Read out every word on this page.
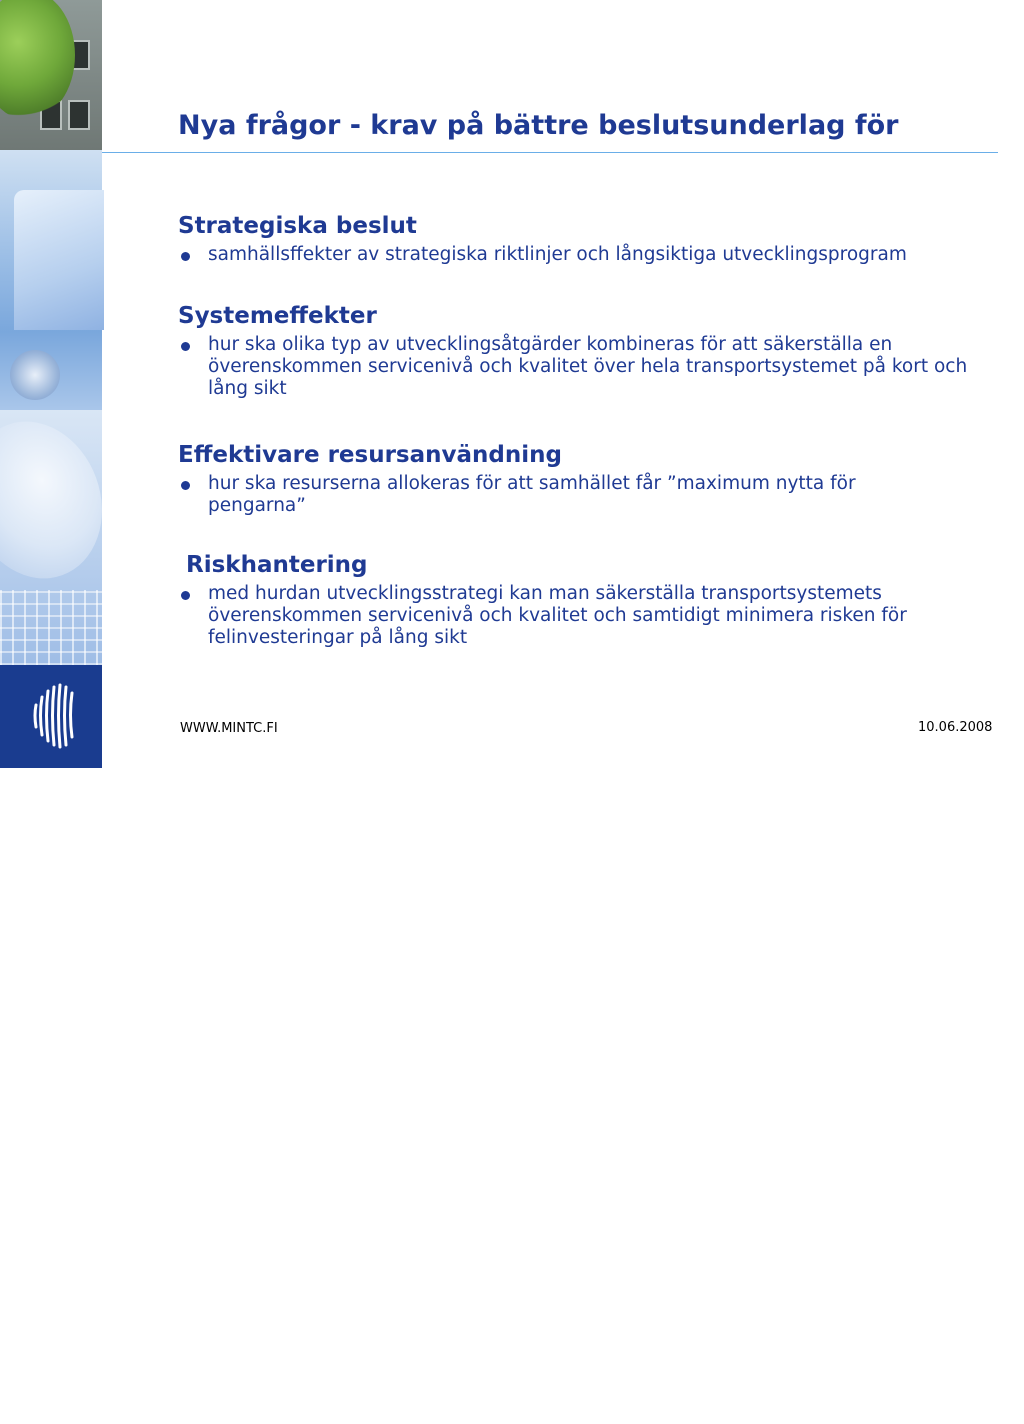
6
Nya frågor - krav på bättre beslutsunderlag för

Strategiska beslut

samhällsffekter av strategiska riktlinjer och långsiktiga utvecklingsprogram

Systemeffekter

hur ska olika typ av utvecklingsåtgärder kombineras för att säkerställa en överenskommen servicenivå och kvalitet över hela transportsystemet på kort och lång sikt

Effektivare resursanvändning

hur ska resurserna allokeras för att samhället får ”maximum nytta för pengarna”

Riskhantering

med hurdan utvecklingsstrategi kan man säkerställa transportsystemets överenskommen servicenivå och kvalitet och samtidigt minimera risken för felinvesteringar på lång sikt

WWW.MINTC.FI	10.06.2008
